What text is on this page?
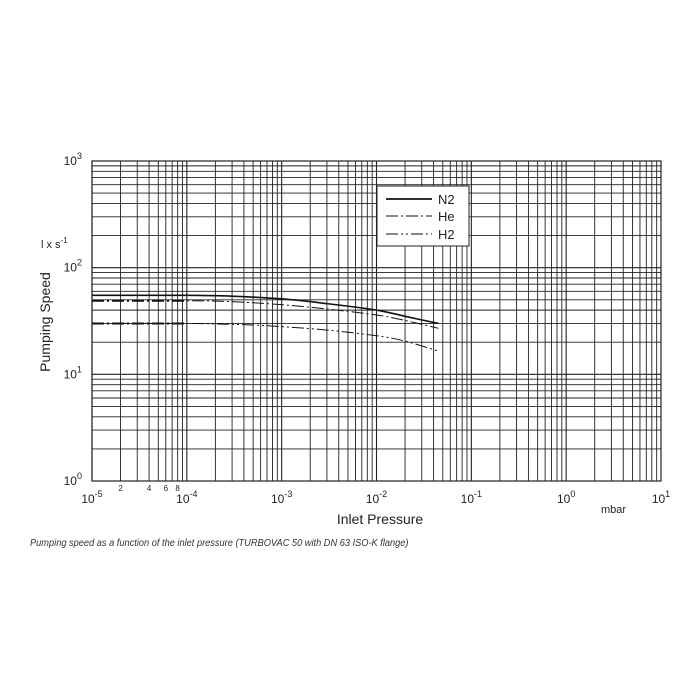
$10^{-5}$	$10^{-4}$	$10^{-3}$	$10^{-2}$	$10^{-1}$	$10^0$	$10^1$
2	4 6 8
$10^0$
$10^1$
$10^2$
$10^3$
N2
He
H2
l x $s^{-1}$
Pumping Speed
Inlet Pressure
mbar
Pumping speed as a function of the inlet pressure (TURBOVAC 50 with DN 63 ISO-K flange)
